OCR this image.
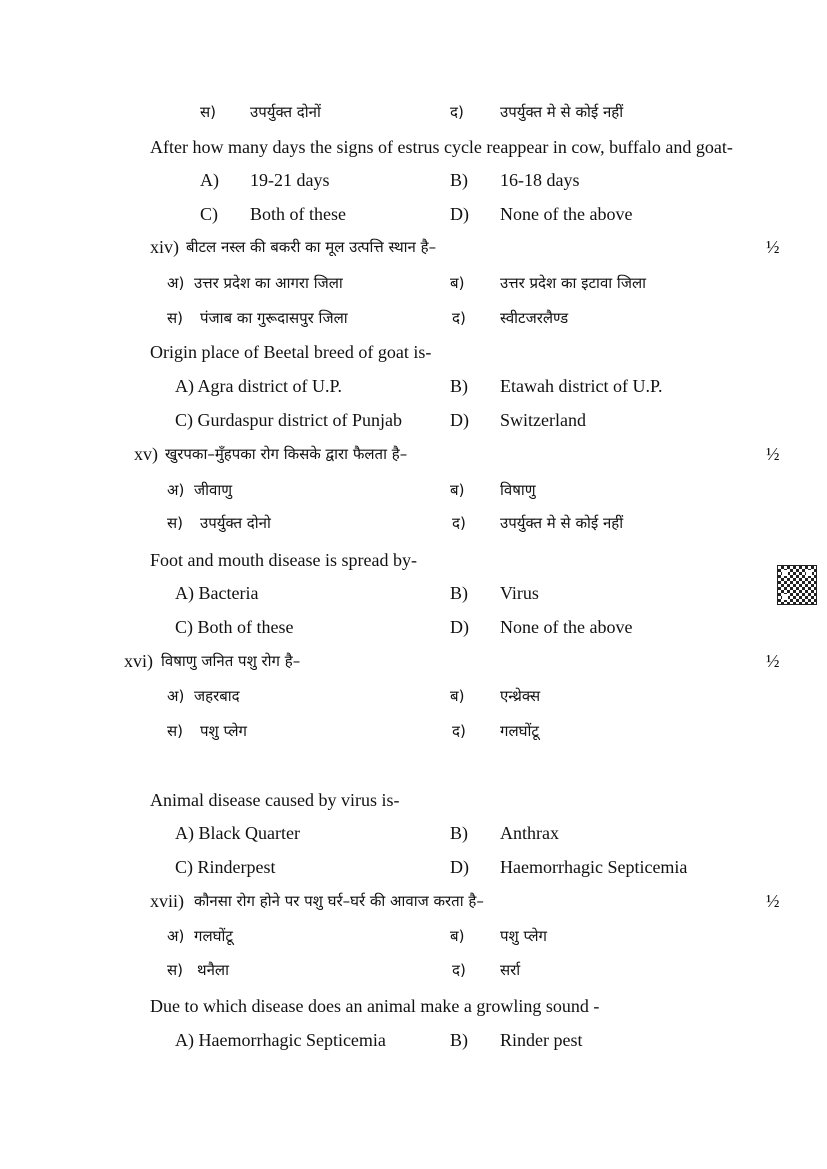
स) उपर्युक्त दोनों	द) उपर्युक्त मे से कोई नहीं
After how many days the signs of estrus cycle reappear in cow, buffalo and goat-
A) 19-21 days	B) 16-18 days
C) Both of these	D) None of the above
xiv) बीटल नस्ल की बकरी का मूल उत्पत्ति स्थान है–	½
अ) उत्तर प्रदेश का आगरा जिला	ब) उत्तर प्रदेश का इटावा जिला
स) पंजाब का गुरूदासपुर जिला	द) स्वीटजरलैण्ड
Origin place of Beetal breed of goat is-
A) Agra district of U.P.	B) Etawah district of U.P.
C) Gurdaspur district of Punjab	D) Switzerland
xv) खुरपका–मुँहपका रोग किसके द्वारा फैलता है–	½
अ) जीवाणु	ब) विषाणु
स) उपर्युक्त दोनो	द) उपर्युक्त मे से कोई नहीं
Foot and mouth disease is spread by-
A) Bacteria	B) Virus
C) Both of these	D) None of the above
xvi) विषाणु जनित पशु रोग है–	½
अ) जहरबाद	ब) एन्थ्रेक्स
स) पशु प्लेग	द) गलघोंटू
Animal disease caused by virus is-
A) Black Quarter	B) Anthrax
C) Rinderpest	D) Haemorrhagic Septicemia
xvii) कौनसा रोग होने पर पशु घर्र–घर्र की आवाज करता है–	½
अ) गलघोंटू	ब) पशु प्लेग
स) थनैला	द) सर्रा
Due to which disease does an animal make a growling sound -
A) Haemorrhagic Septicemia	B) Rinder pest
